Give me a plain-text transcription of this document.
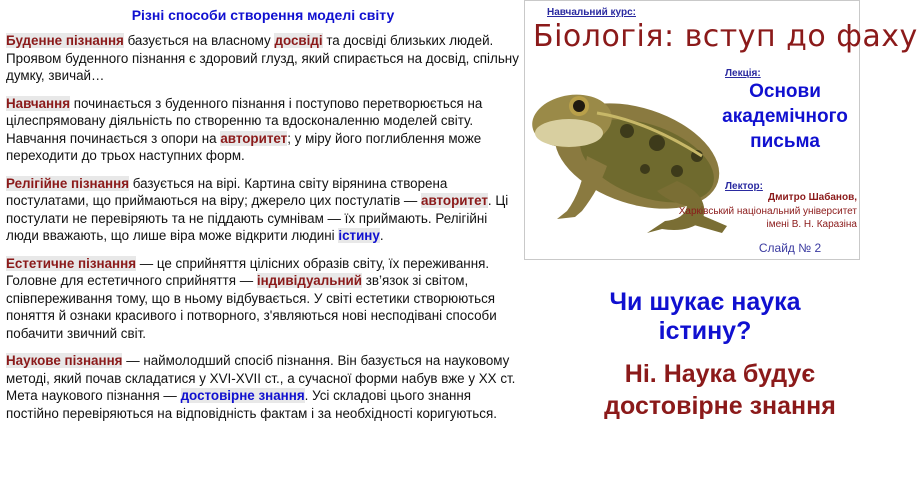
Різні способи створення моделі світу
Буденне пізнання базується на власному досвіді та досвіді близьких людей. Проявом буденного пізнання є здоровий глузд, який спирається на досвід, спільну думку, звичай…
Навчання починається з буденного пізнання і поступово перетворюється на цілеспрямовану діяльність по створенню та вдосконаленню моделей світу. Навчання починається з опори на авторитет; у міру його поглиблення може переходити до трьох наступних форм.
Релігійне пізнання базується на вірі. Картина світу вірянина створена постулатами, що приймаються на віру; джерело цих постулатів — авторитет. Ці постулати не перевіряють та не піддають сумнівам — їх приймають. Релігійні люди вважають, що лише віра може відкрити людині істину.
Естетичне пізнання — це сприйняття цілісних образів світу, їх переживання. Головне для естетичного сприйняття — індивідуальний зв’язок зі світом, співпереживання тому, що в ньому відбувається. У світі естетики створюються поняття й ознаки красивого і потворного, з'являються нові несподівані способи побачити звичний світ.
Наукове пізнання — наймолодший спосіб пізнання. Він базується на науковому методі, який почав складатися у XVI-XVII ст., а сучасної форми набув вже у XX ст. Мета наукового пізнання — достовірне знання. Усі складові цього знання постійно перевіряються на відповідність фактам і за необхідності коригуються.
Навчальний курс:
Біологія: вступ до фаху
Лекція:
Основи академічного письма
Лектор:
Дмитро Шабанов,
Харківський національний університет імені В. Н. Каразіна
Слайд № 2
Чи шукає наука істину?
Ні. Наука будує достовірне знання
